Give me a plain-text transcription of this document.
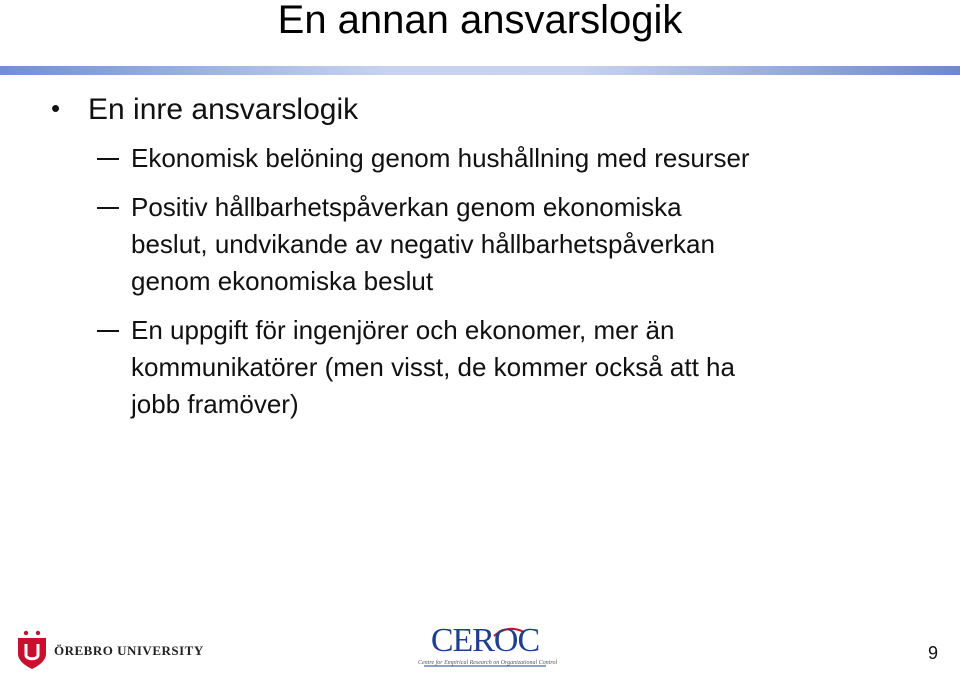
En annan ansvarslogik
• En inre ansvarslogik
Ekonomisk belöning genom hushållning med resurser
Positiv hållbarhetspåverkan genom ekonomiska
beslut, undvikande av negativ hållbarhetspåverkan
genom ekonomiska beslut
En uppgift för ingenjörer och ekonomer, mer än
kommunikatörer (men visst, de kommer också att ha
jobb framöver)
ÖREBRO UNIVERSITY	CEROC
Centre for Empirical Research on Organizational Control	9
